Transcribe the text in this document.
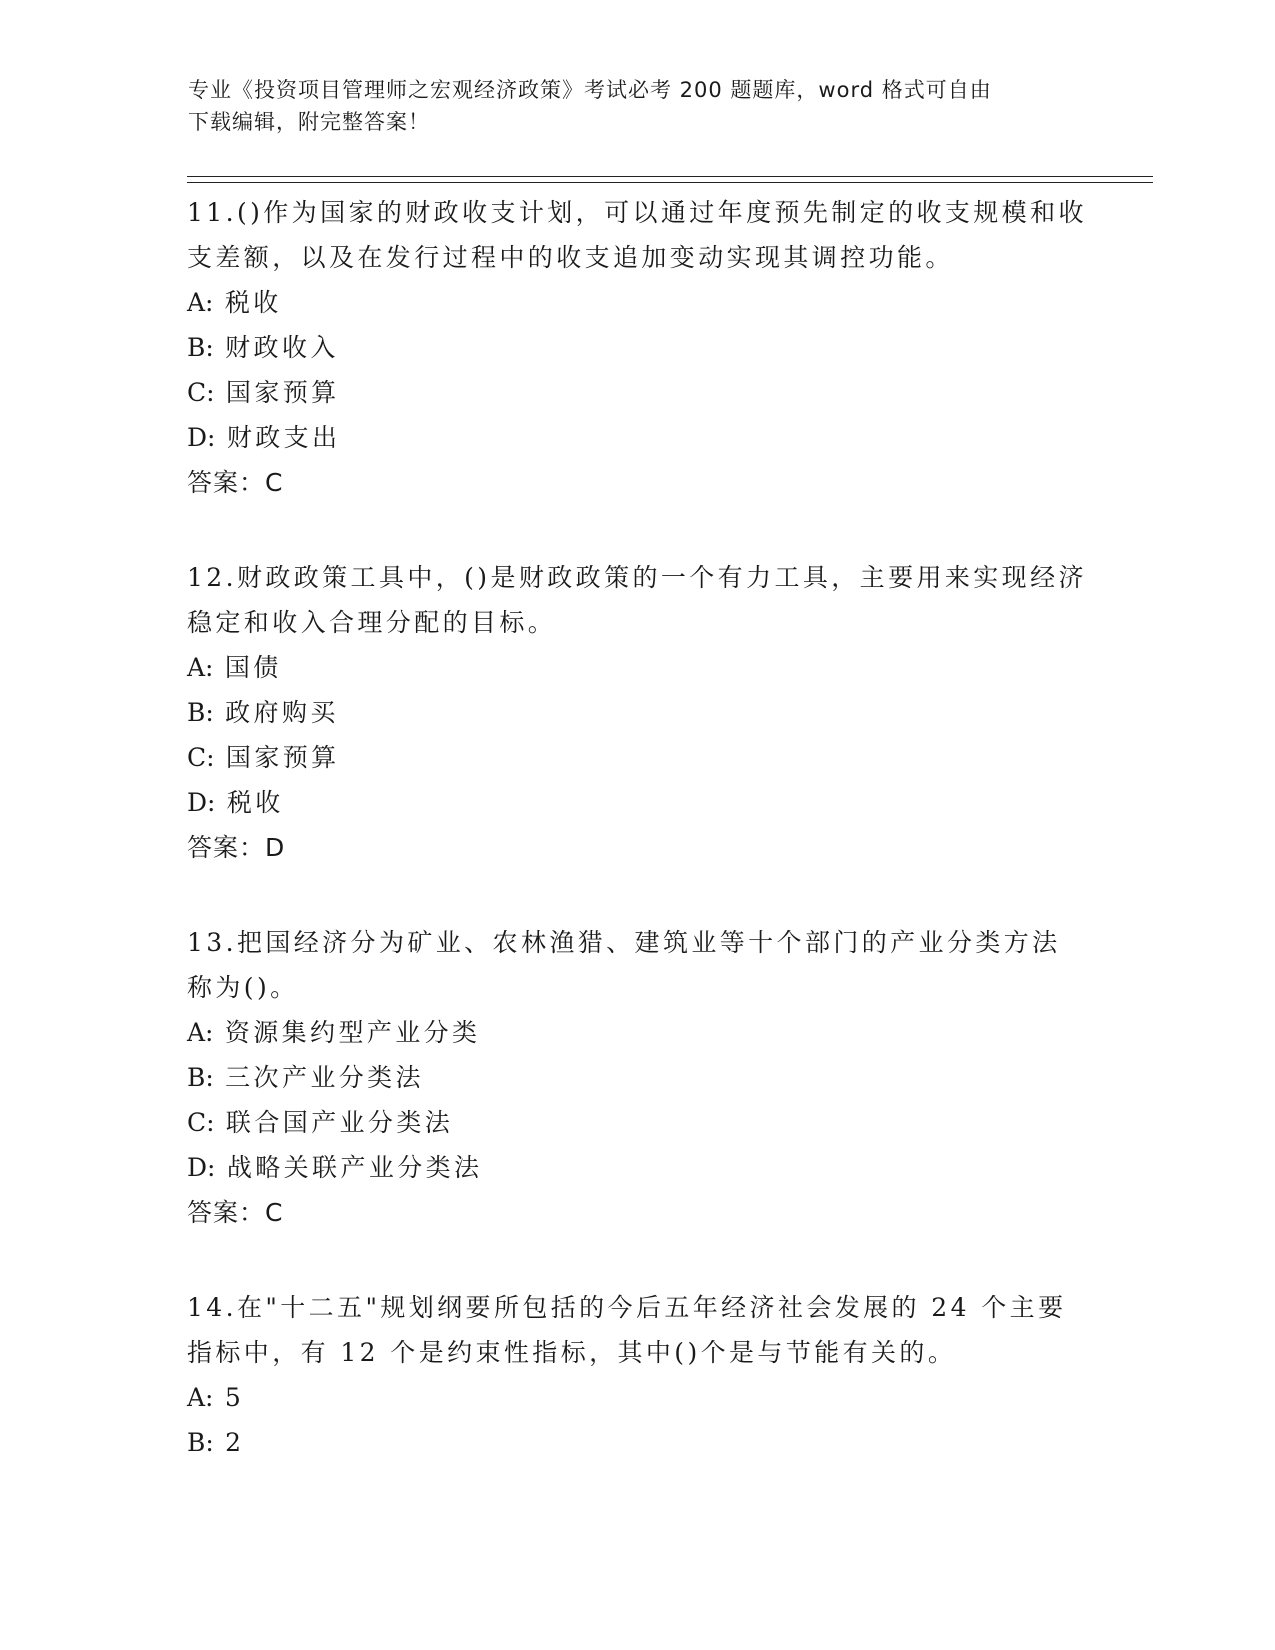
专业《投资项目管理师之宏观经济政策》考试必考 200 题题库，word 格式可自由
下载编辑，附完整答案！
11.()作为国家的财政收支计划，可以通过年度预先制定的收支规模和收支差额，以及在发行过程中的收支追加变动实现其调控功能。
A: 税收
B: 财政收入
C: 国家预算
D: 财政支出
答案：C
12.财政政策工具中，()是财政政策的一个有力工具，主要用来实现经济稳定和收入合理分配的目标。
A: 国债
B: 政府购买
C: 国家预算
D: 税收
答案：D
13.把国经济分为矿业、农林渔猎、建筑业等十个部门的产业分类方法称为()。
A: 资源集约型产业分类
B: 三次产业分类法
C: 联合国产业分类法
D: 战略关联产业分类法
答案：C
14.在"十二五"规划纲要所包括的今后五年经济社会发展的 24 个主要指标中，有 12 个是约束性指标，其中()个是与节能有关的。
A: 5
B: 2
